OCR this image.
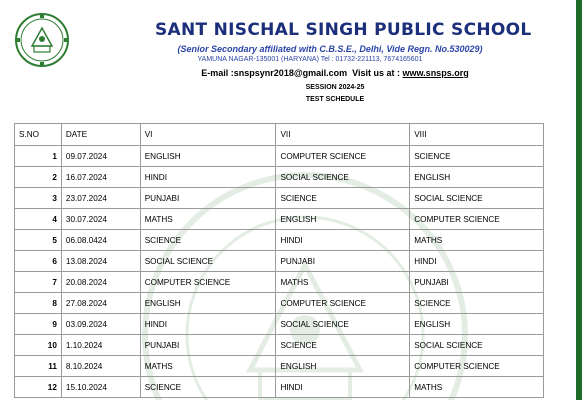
SANT NISCHAL SINGH PUBLIC SCHOOL
(Senior Secondary affiliated with C.B.S.E., Delhi, Vide Regn. No.530029)
YAMUNA NAGAR-135001 (HARYANA) Tel : 01732-221113, 7674165601
E-mail :snspsynr2018@gmail.com Visit us at : www.snsps.org
SESSION 2024-25
TEST SCHEDULE
S.NO	DATE	VI	VII	VIII
1	09.07.2024	ENGLISH	COMPUTER SCIENCE	SCIENCE
2	16.07.2024	HINDI	SOCIAL SCIENCE	ENGLISH
3	23.07.2024	PUNJABI	SCIENCE	SOCIAL SCIENCE
4	30.07.2024	MATHS	ENGLISH	COMPUTER SCIENCE
5	06.08.0424	SCIENCE	HINDI	MATHS
6	13.08.2024	SOCIAL SCIENCE	PUNJABI	HINDI
7	20.08.2024	COMPUTER SCIENCE	MATHS	PUNJABI
8	27.08.2024	ENGLISH	COMPUTER SCIENCE	SCIENCE
9	03.09.2024	HINDI	SOCIAL SCIENCE	ENGLISH
10	1.10.2024	PUNJABI	SCIENCE	SOCIAL SCIENCE
11	8.10.2024	MATHS	ENGLISH	COMPUTER SCIENCE
12	15.10.2024	SCIENCE	HINDI	MATHS
